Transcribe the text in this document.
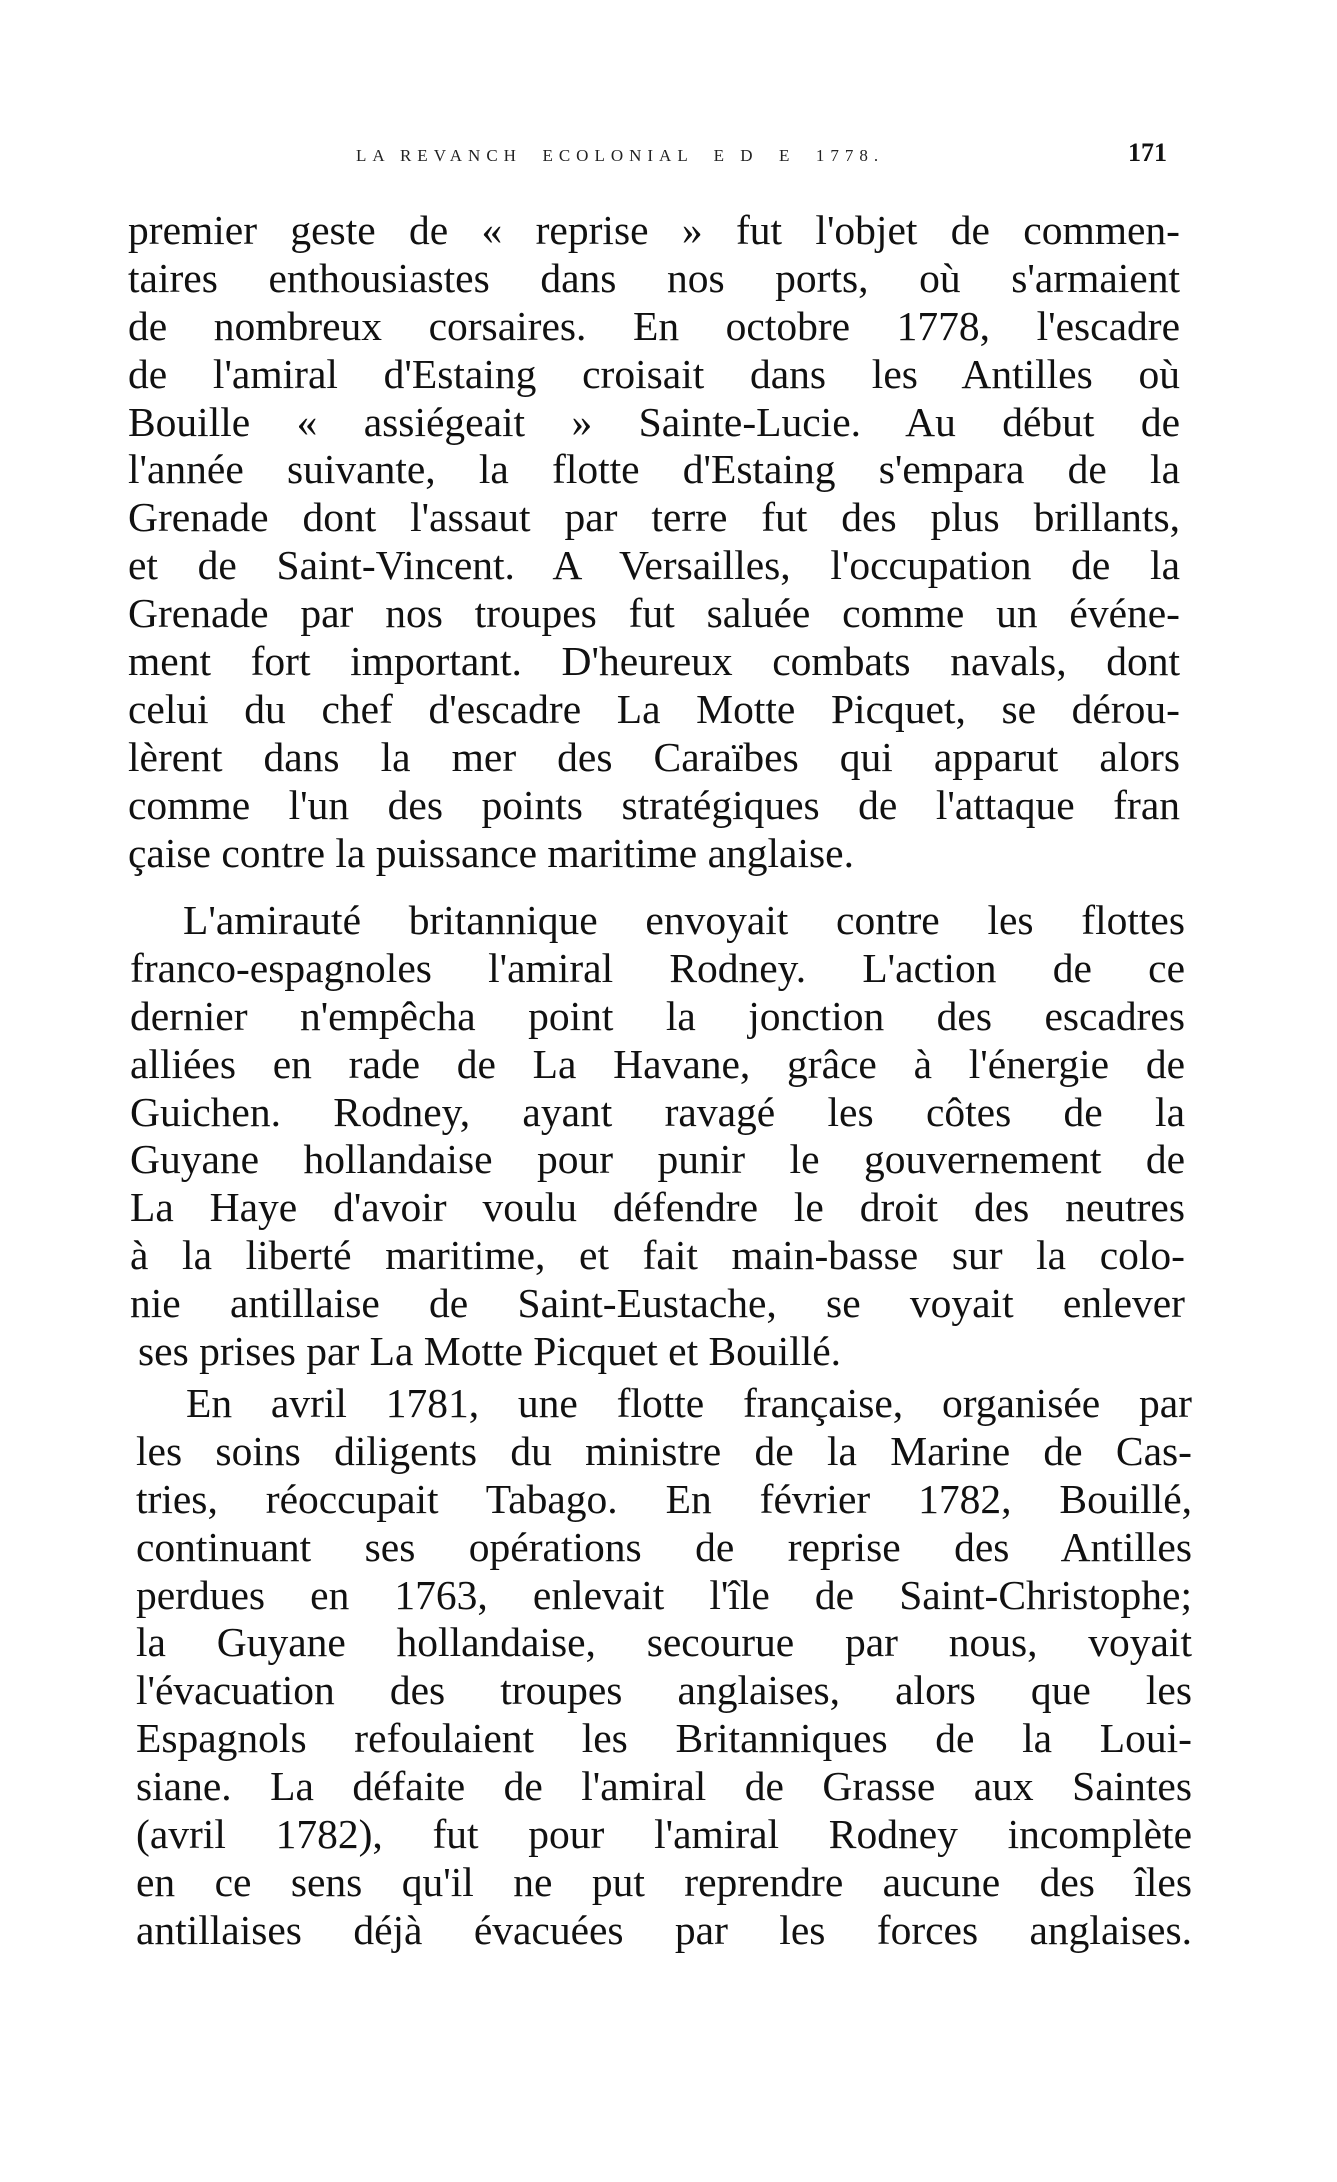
LA REVANCH  ECOLONIAL  E D  E  1778.	171
premier geste de « reprise » fut l'objet de commen-
taires enthousiastes dans nos ports, où s'armaient
de nombreux corsaires. En octobre 1778, l'escadre
de l'amiral d'Estaing croisait dans les Antilles où
Bouille « assiégeait » Sainte-Lucie. Au début de
l'année suivante, la flotte d'Estaing s'empara de la
Grenade dont l'assaut par terre fut des plus brillants,
et de Saint-Vincent. A Versailles, l'occupation de la
Grenade par nos troupes fut saluée comme un événe-
ment fort important. D'heureux combats navals, dont
celui du chef d'escadre La Motte Picquet, se dérou-
lèrent dans la mer des Caraïbes qui apparut alors
comme l'un des points stratégiques de l'attaque fran
çaise contre la puissance maritime anglaise.
L'amirauté britannique envoyait contre les flottes
franco-espagnoles l'amiral Rodney. L'action de ce
dernier n'empêcha point la jonction des escadres
alliées en rade de La Havane, grâce à l'énergie de
Guichen. Rodney, ayant ravagé les côtes de la
Guyane hollandaise pour punir le gouvernement de
La Haye d'avoir voulu défendre le droit des neutres
à la liberté maritime, et fait main-basse sur la colo-
nie antillaise de Saint-Eustache, se voyait enlever
ses prises par La Motte Picquet et Bouillé.
En avril 1781, une flotte française, organisée par
les soins diligents du ministre de la Marine de Cas-
tries, réoccupait Tabago. En février 1782, Bouillé,
continuant ses opérations de reprise des Antilles
perdues en 1763, enlevait l'île de Saint-Christophe;
la Guyane hollandaise, secourue par nous, voyait
l'évacuation des troupes anglaises, alors que les
Espagnols refoulaient les Britanniques de la Loui-
siane. La défaite de l'amiral de Grasse aux Saintes
(avril 1782), fut pour l'amiral Rodney incomplète
en ce sens qu'il ne put reprendre aucune des îles
antillaises déjà évacuées par les forces anglaises.
